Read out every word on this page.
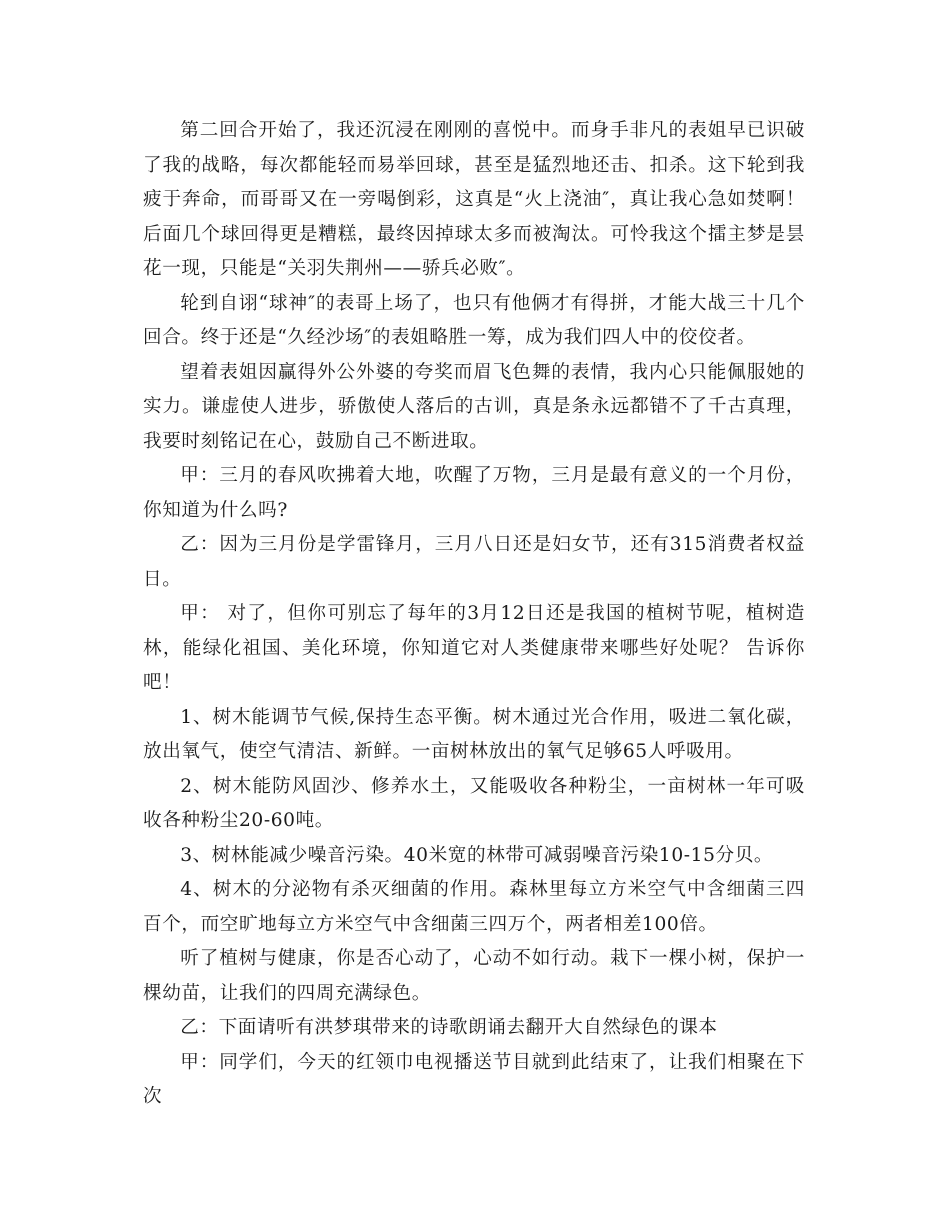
第二回合开始了，我还沉浸在刚刚的喜悦中。而身手非凡的表姐早已识破了我的战略，每次都能轻而易举回球，甚至是猛烈地还击、扣杀。这下轮到我疲于奔命，而哥哥又在一旁喝倒彩，这真是“火上浇油″，真让我心急如焚啊！后面几个球回得更是糟糕，最终因掉球太多而被淘汰。可怜我这个擂主梦是昙花一现，只能是“关羽失荆州——骄兵必败″。

轮到自诩“球神″的表哥上场了，也只有他俩才有得拼，才能大战三十几个回合。终于还是“久经沙场″的表姐略胜一筹，成为我们四人中的佼佼者。

望着表姐因赢得外公外婆的夸奖而眉飞色舞的表情，我内心只能佩服她的实力。谦虚使人进步，骄傲使人落后的古训，真是条永远都错不了千古真理，我要时刻铭记在心，鼓励自己不断进取。

甲：三月的春风吹拂着大地，吹醒了万物，三月是最有意义的一个月份，你知道为什么吗?

乙：因为三月份是学雷锋月，三月八日还是妇女节，还有315消费者权益日。

甲： 对了，但你可别忘了每年的3月12日还是我国的植树节呢，植树造林，能绿化祖国、美化环境，你知道它对人类健康带来哪些好处呢？ 告诉你吧！

1、树木能调节气候,保持生态平衡。树木通过光合作用，吸进二氧化碳，放出氧气，使空气清洁、新鲜。一亩树林放出的氧气足够65人呼吸用。

2、树木能防风固沙、修养水土，又能吸收各种粉尘，一亩树林一年可吸收各种粉尘20-60吨。

3、树林能减少噪音污染。40米宽的林带可减弱噪音污染10-15分贝。

4、树木的分泌物有杀灭细菌的作用。森林里每立方米空气中含细菌三四百个，而空旷地每立方米空气中含细菌三四万个，两者相差100倍。

听了植树与健康，你是否心动了，心动不如行动。栽下一棵小树，保护一棵幼苗，让我们的四周充满绿色。

乙：下面请听有洪梦琪带来的诗歌朗诵去翻开大自然绿色的课本

甲：同学们，今天的红领巾电视播送节目就到此结束了，让我们相聚在下次
